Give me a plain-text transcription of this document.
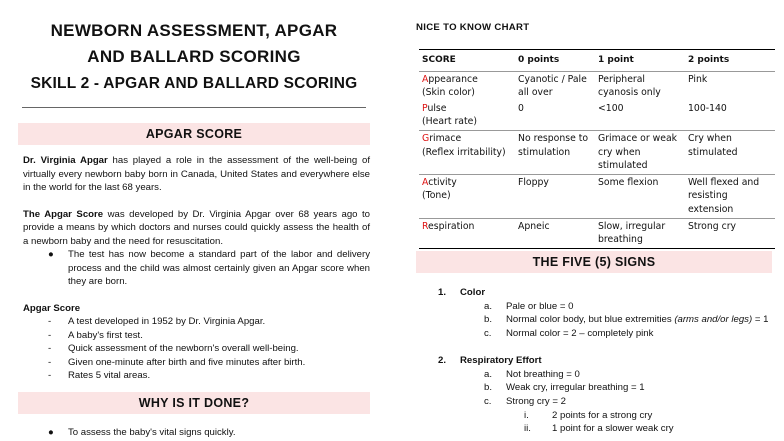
NEWBORN ASSESSMENT, APGAR
AND BALLARD SCORING
SKILL 2 - APGAR AND BALLARD SCORING
APGAR SCORE
Dr. Virginia Apgar has played a role in the assessment of the well-being of virtually every newborn baby born in Canada, United States and everywhere else in the world for the last 68 years.
The Apgar Score was developed by Dr. Virginia Apgar over 68 years ago to provide a means by which doctors and nurses could quickly assess the health of a newborn baby and the need for resuscitation.
● The test has now become a standard part of the labor and delivery process and the child was almost certainly given an Apgar score when they are born.
Apgar Score
- A test developed in 1952 by Dr. Virginia Apgar.
- A baby's first test.
- Quick assessment of the newborn's overall well-being.
- Given one-minute after birth and five minutes after birth.
- Rates 5 vital areas.
WHY IS IT DONE?
● To assess the baby's vital signs quickly.
NICE TO KNOW CHART
SCORE	0 points	1 point	2 points
Appearance
(Skin color)	Cyanotic / Pale all over	Peripheral cyanosis only	Pink
Pulse
(Heart rate)	0	<100	100-140
Grimace
(Reflex irritability)	No response to stimulation	Grimace or weak cry when stimulated	Cry when stimulated
Activity
(Tone)	Floppy	Some flexion	Well flexed and resisting extension
Respiration	Apneic	Slow, irregular breathing	Strong cry
THE FIVE (5) SIGNS
1. Color
a. Pale or blue = 0
b. Normal color body, but blue extremities (arms and/or legs) = 1
c. Normal color = 2 – completely pink
2. Respiratory Effort
a. Not breathing = 0
b. Weak cry, irregular breathing = 1
c. Strong cry = 2
i. 2 points for a strong cry
ii. 1 point for a slower weak cry
